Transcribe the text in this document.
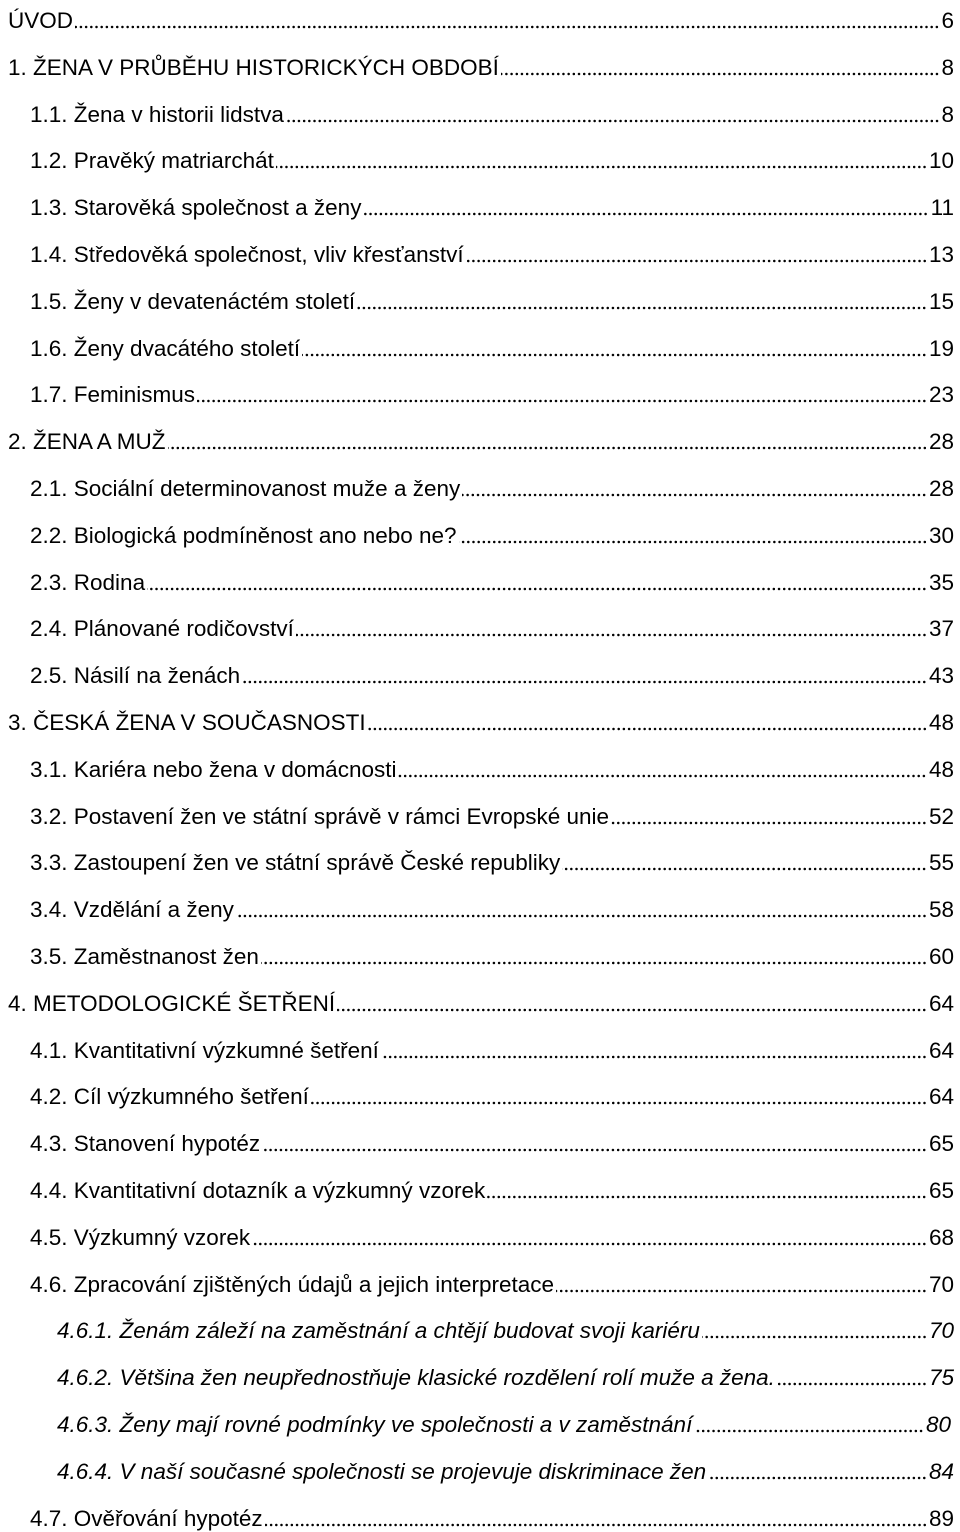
ÚVOD	6
1. ŽENA V PRŮBĚHU HISTORICKÝCH OBDOBÍ	8
1.1. Žena v historii lidstva	8
1.2. Pravěký matriarchát	10
1.3. Starověká společnost a ženy	11
1.4. Středověká společnost, vliv křesťanství	13
1.5. Ženy v devatenáctém století	15
1.6. Ženy dvacátého století	19
1.7. Feminismus	23
2. ŽENA A MUŽ	28
2.1. Sociální determinovanost muže a ženy	28
2.2. Biologická podmíněnost ano nebo ne?	30
2.3. Rodina	35
2.4. Plánované rodičovství	37
2.5. Násilí na ženách	43
3. ČESKÁ ŽENA V SOUČASNOSTI	48
3.1. Kariéra nebo žena v domácnosti	48
3.2. Postavení žen ve státní správě v rámci Evropské unie	52
3.3. Zastoupení žen ve státní správě České republiky	55
3.4. Vzdělání a ženy	58
3.5. Zaměstnanost žen	60
4. METODOLOGICKÉ ŠETŘENÍ	64
4.1. Kvantitativní výzkumné šetření	64
4.2. Cíl výzkumného šetření	64
4.3. Stanovení hypotéz	65
4.4. Kvantitativní dotazník a výzkumný vzorek	65
4.5. Výzkumný vzorek	68
4.6. Zpracování zjištěných údajů a jejich interpretace	70
4.6.1. Ženám záleží na zaměstnání a chtějí budovat svoji kariéru	70
4.6.2. Většina žen neupřednostňuje klasické rozdělení rolí muže a žena.	75
4.6.3. Ženy mají rovné podmínky ve společnosti a v zaměstnání	80
4.6.4. V naší současné společnosti se projevuje diskriminace žen	84
4.7. Ověřování hypotéz	89
